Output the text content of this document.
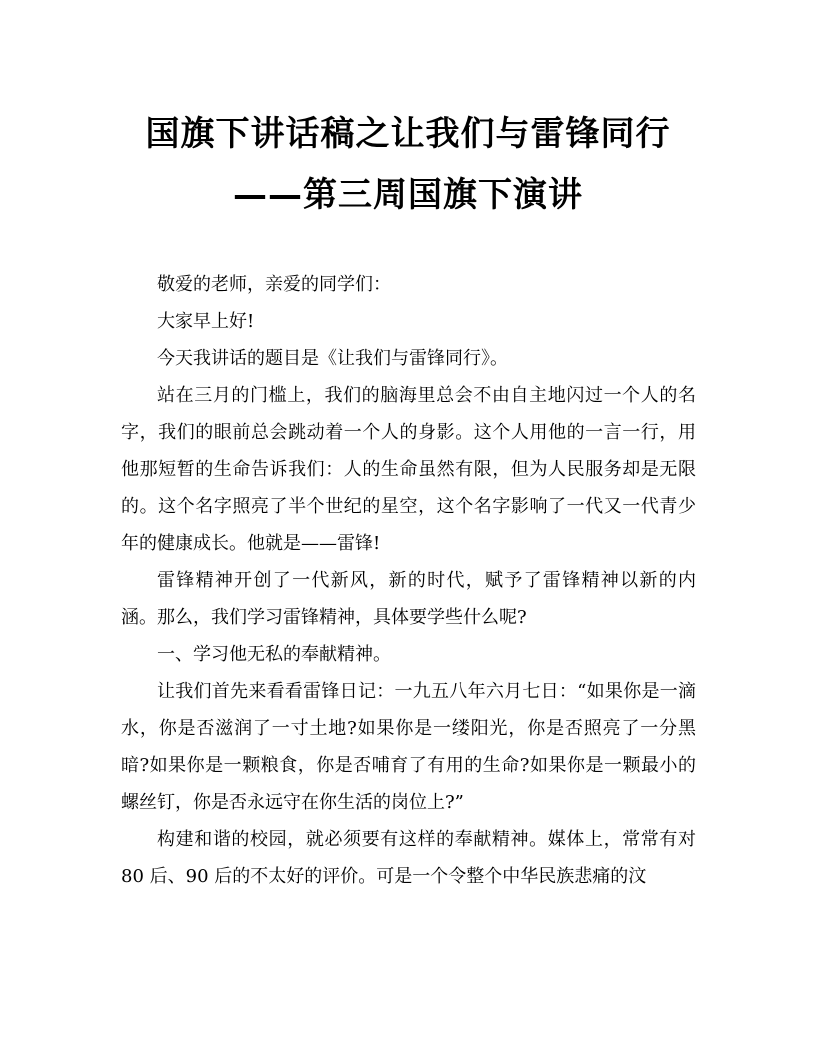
国旗下讲话稿之让我们与雷锋同行
——第三周国旗下演讲

敬爱的老师，亲爱的同学们：

大家早上好!

今天我讲话的题目是《让我们与雷锋同行》。

站在三月的门槛上，我们的脑海里总会不由自主地闪过一个人的名字，我们的眼前总会跳动着一个人的身影。这个人用他的一言一行，用他那短暂的生命告诉我们：人的生命虽然有限，但为人民服务却是无限的。这个名字照亮了半个世纪的星空，这个名字影响了一代又一代青少年的健康成长。他就是——雷锋!

雷锋精神开创了一代新风，新的时代，赋予了雷锋精神以新的内涵。那么，我们学习雷锋精神，具体要学些什么呢?

一、学习他无私的奉献精神。

让我们首先来看看雷锋日记：一九五八年六月七日：“如果你是一滴水，你是否滋润了一寸土地?如果你是一缕阳光，你是否照亮了一分黑暗?如果你是一颗粮食，你是否哺育了有用的生命?如果你是一颗最小的螺丝钉，你是否永远守在你生活的岗位上?”

构建和谐的校园，就必须要有这样的奉献精神。媒体上，常常有对 80 后、90 后的不太好的评价。可是一个令整个中华民族悲痛的汶
